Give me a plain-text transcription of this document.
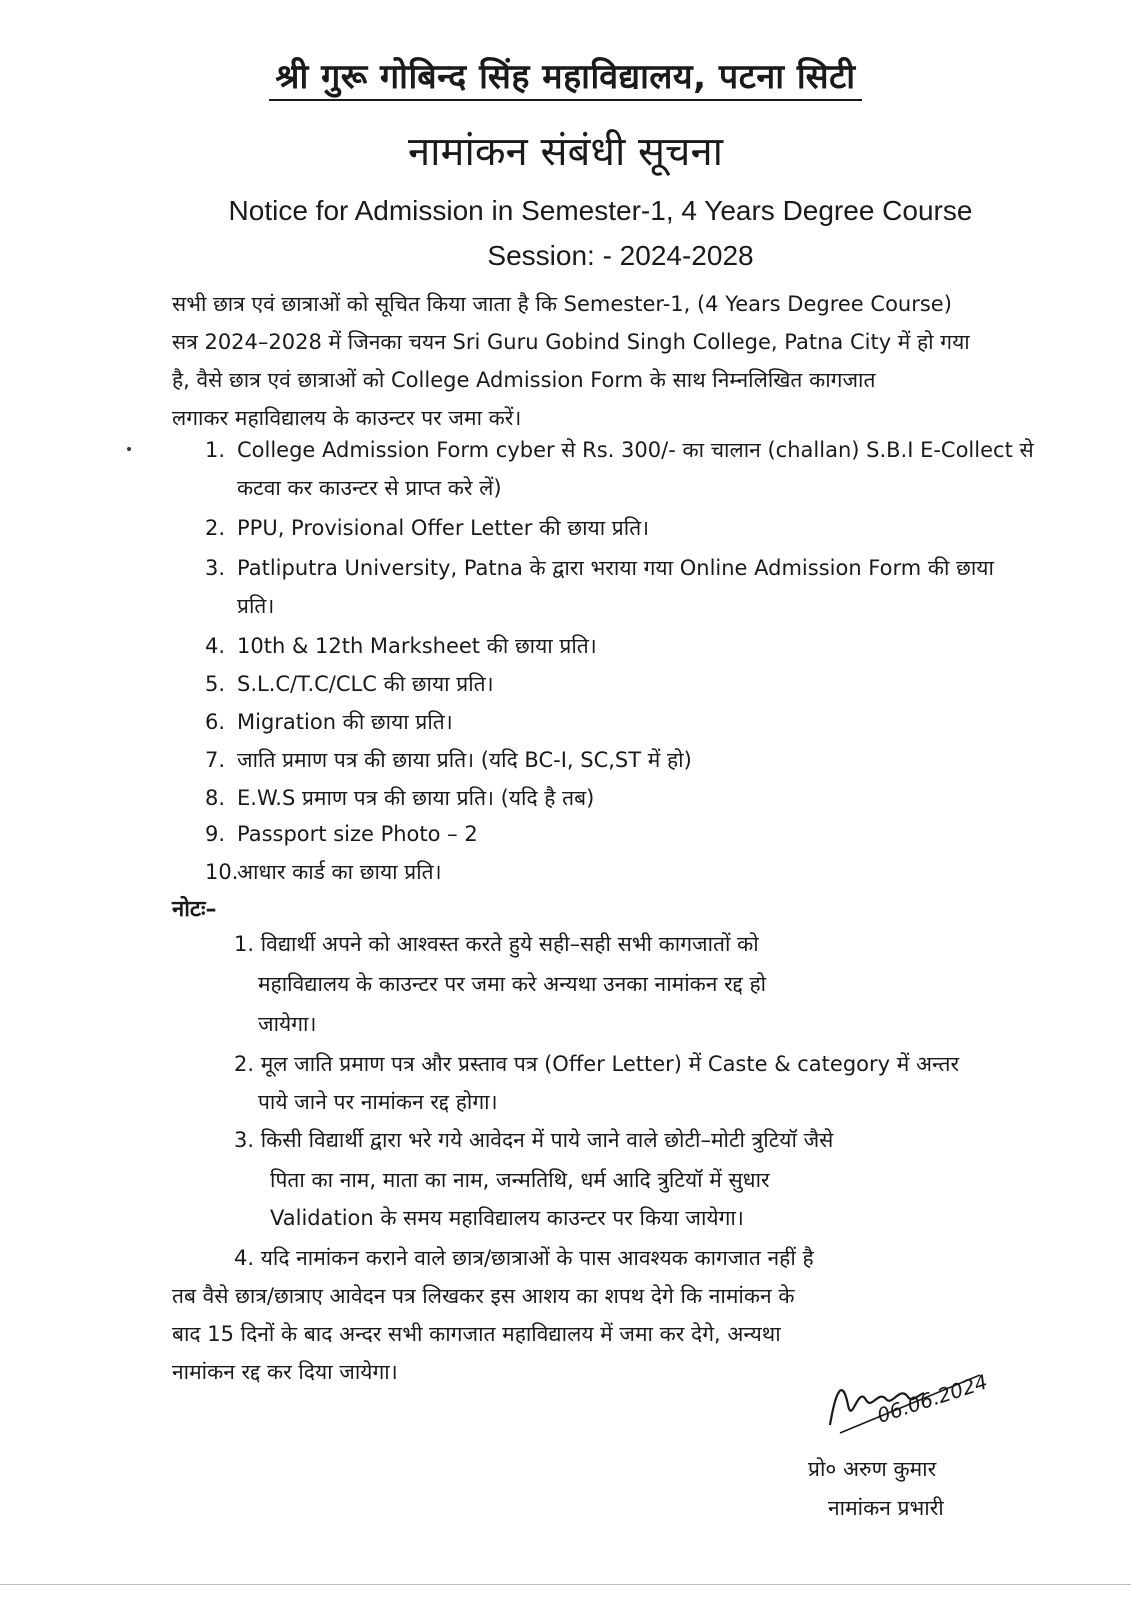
श्री गुरू गोबिन्द सिंह महाविद्यालय, पटना सिटी
नामांकन संबंधी सूचना
Notice for Admission in Semester-1, 4 Years Degree Course
Session: - 2024-2028
सभी छात्र एवं छात्राओं को सूचित किया जाता है कि Semester-1, (4 Years Degree Course)
सत्र 2024–2028 में जिनका चयन Sri Guru Gobind Singh College, Patna City में हो गया
है, वैसे छात्र एवं छात्राओं को College Admission Form के साथ निम्नलिखित कागजात
लगाकर महाविद्यालय के काउन्टर पर जमा करें।
1. College Admission Form cyber से Rs. 300/- का चालान (challan) S.B.I E-Collect से
कटवा कर काउन्टर से प्राप्त करे लें)
2. PPU, Provisional Offer Letter की छाया प्रति।
3. Patliputra University, Patna के द्वारा भराया गया Online Admission Form की छाया
प्रति।
4. 10th & 12th Marksheet की छाया प्रति।
5. S.L.C/T.C/CLC की छाया प्रति।
6. Migration की छाया प्रति।
7. जाति प्रमाण पत्र की छाया प्रति। (यदि BC-I, SC,ST में हो)
8. E.W.S प्रमाण पत्र की छाया प्रति। (यदि है तब)
9. Passport size Photo – 2
10.आधार कार्ड का छाया प्रति।
नोटः–
1. विद्यार्थी अपने को आश्वस्त करते हुये सही–सही सभी कागजातों को
महाविद्यालय के काउन्टर पर जमा करे अन्यथा उनका नामांकन रद्द हो
जायेगा।
2. मूल जाति प्रमाण पत्र और प्रस्ताव पत्र (Offer Letter) में Caste & category में अन्तर
पाये जाने पर नामांकन रद्द होगा।
3. किसी विद्यार्थी द्वारा भरे गये आवेदन में पाये जाने वाले छोटी–मोटी त्रुटियॉ जैसे
पिता का नाम, माता का नाम, जन्मतिथि, धर्म आदि त्रुटियॉ में सुधार
Validation के समय महाविद्यालय काउन्टर पर किया जायेगा।
4. यदि नामांकन कराने वाले छात्र/छात्राओं के पास आवश्यक कागजात नहीं है
तब वैसे छात्र/छात्राए आवेदन पत्र लिखकर इस आशय का शपथ देगे कि नामांकन के
बाद 15 दिनों के बाद अन्दर सभी कागजात महाविद्यालय में जमा कर देगे, अन्यथा
नामांकन रद्द कर दिया जायेगा।	06.06.2024
प्रो० अरुण कुमार
नामांकन प्रभारी
